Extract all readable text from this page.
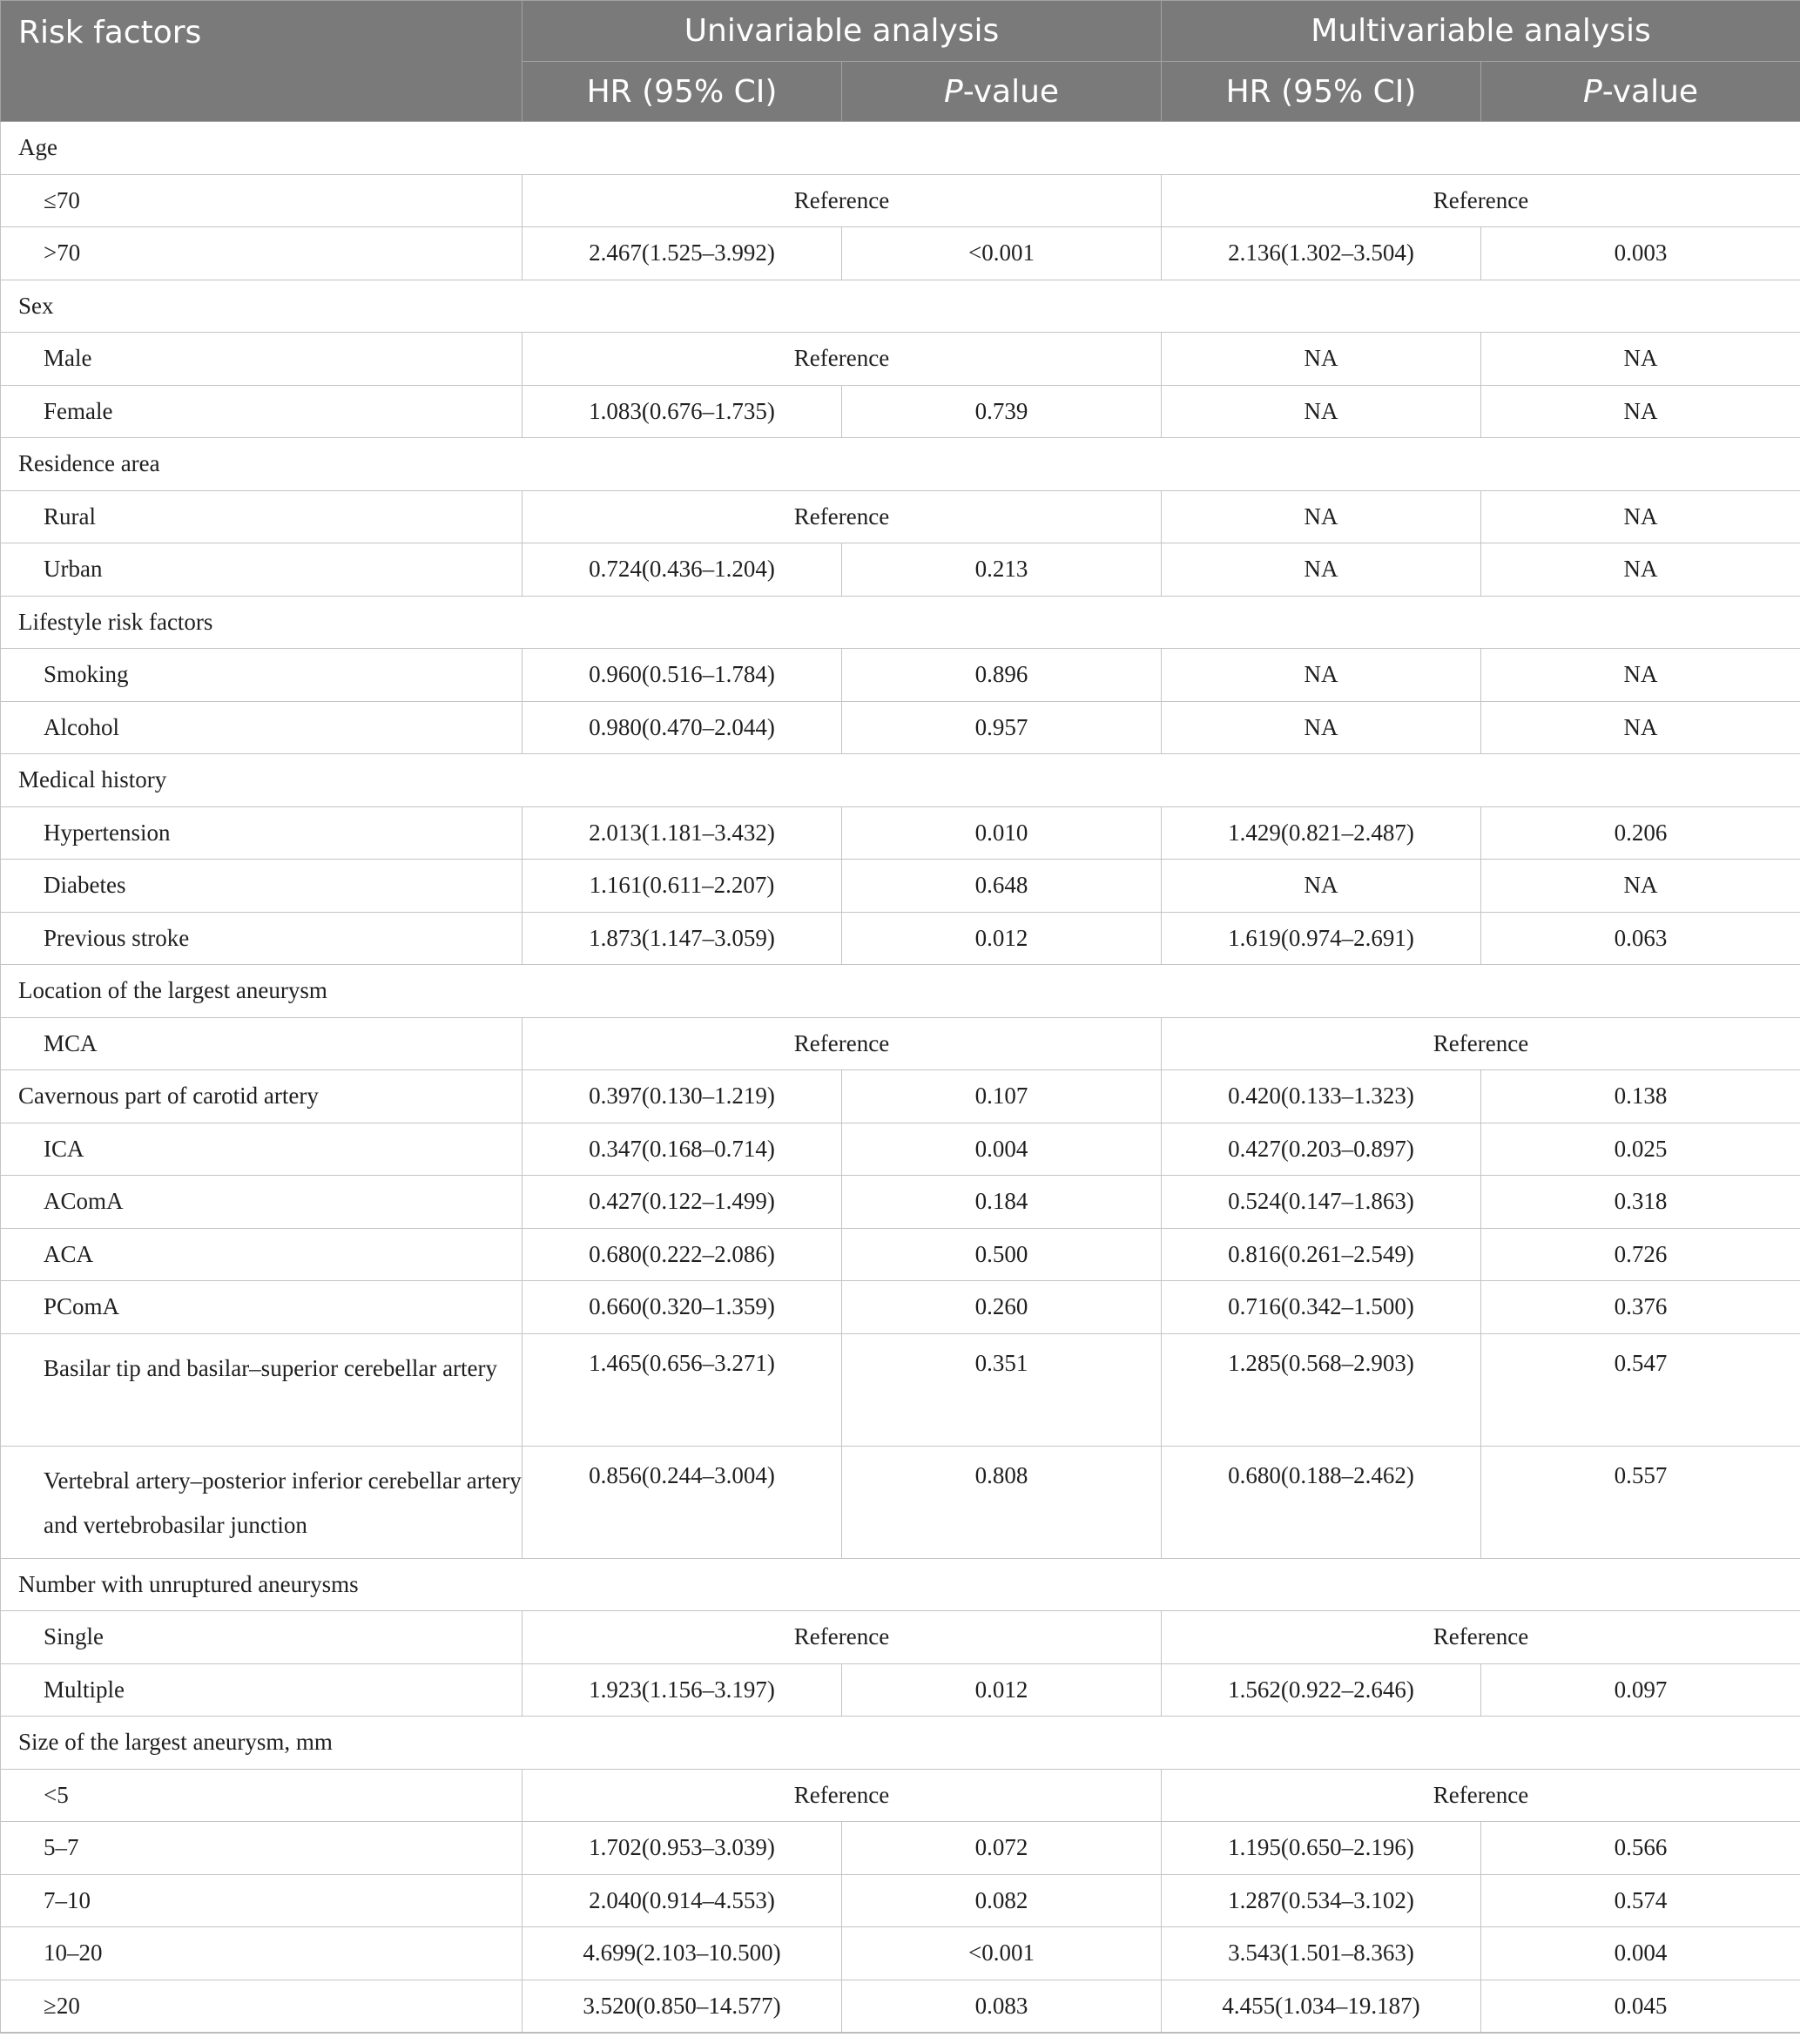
Risk factors	Univariable analysis		Multivariable analysis	
	HR (95% CI)	P-value	HR (95% CI)	P-value
Age				
≤70	Reference		Reference	
>70	2.467(1.525–3.992)	<0.001	2.136(1.302–3.504)	0.003
Sex				
Male	Reference		NA	NA
Female	1.083(0.676–1.735)	0.739	NA	NA
Residence area				
Rural	Reference		NA	NA
Urban	0.724(0.436–1.204)	0.213	NA	NA
Lifestyle risk factors				
Smoking	0.960(0.516–1.784)	0.896	NA	NA
Alcohol	0.980(0.470–2.044)	0.957	NA	NA
Medical history				
Hypertension	2.013(1.181–3.432)	0.010	1.429(0.821–2.487)	0.206
Diabetes	1.161(0.611–2.207)	0.648	NA	NA
Previous stroke	1.873(1.147–3.059)	0.012	1.619(0.974–2.691)	0.063
Location of the largest aneurysm				
MCA	Reference		Reference	
Cavernous part of carotid artery	0.397(0.130–1.219)	0.107	0.420(0.133–1.323)	0.138
ICA	0.347(0.168–0.714)	0.004	0.427(0.203–0.897)	0.025
AComA	0.427(0.122–1.499)	0.184	0.524(0.147–1.863)	0.318
ACA	0.680(0.222–2.086)	0.500	0.816(0.261–2.549)	0.726
PComA	0.660(0.320–1.359)	0.260	0.716(0.342–1.500)	0.376
Basilar tip and basilar–superior cerebellar artery	1.465(0.656–3.271)	0.351	1.285(0.568–2.903)	0.547
Vertebral artery–posterior inferior cerebellar artery and vertebrobasilar junction	0.856(0.244–3.004)	0.808	0.680(0.188–2.462)	0.557
Number with unruptured aneurysms				
Single	Reference		Reference	
Multiple	1.923(1.156–3.197)	0.012	1.562(0.922–2.646)	0.097
Size of the largest aneurysm, mm				
<5	Reference		Reference	
5–7	1.702(0.953–3.039)	0.072	1.195(0.650–2.196)	0.566
7–10	2.040(0.914–4.553)	0.082	1.287(0.534–3.102)	0.574
10–20	4.699(2.103–10.500)	<0.001	3.543(1.501–8.363)	0.004
≥20	3.520(0.850–14.577)	0.083	4.455(1.034–19.187)	0.045
